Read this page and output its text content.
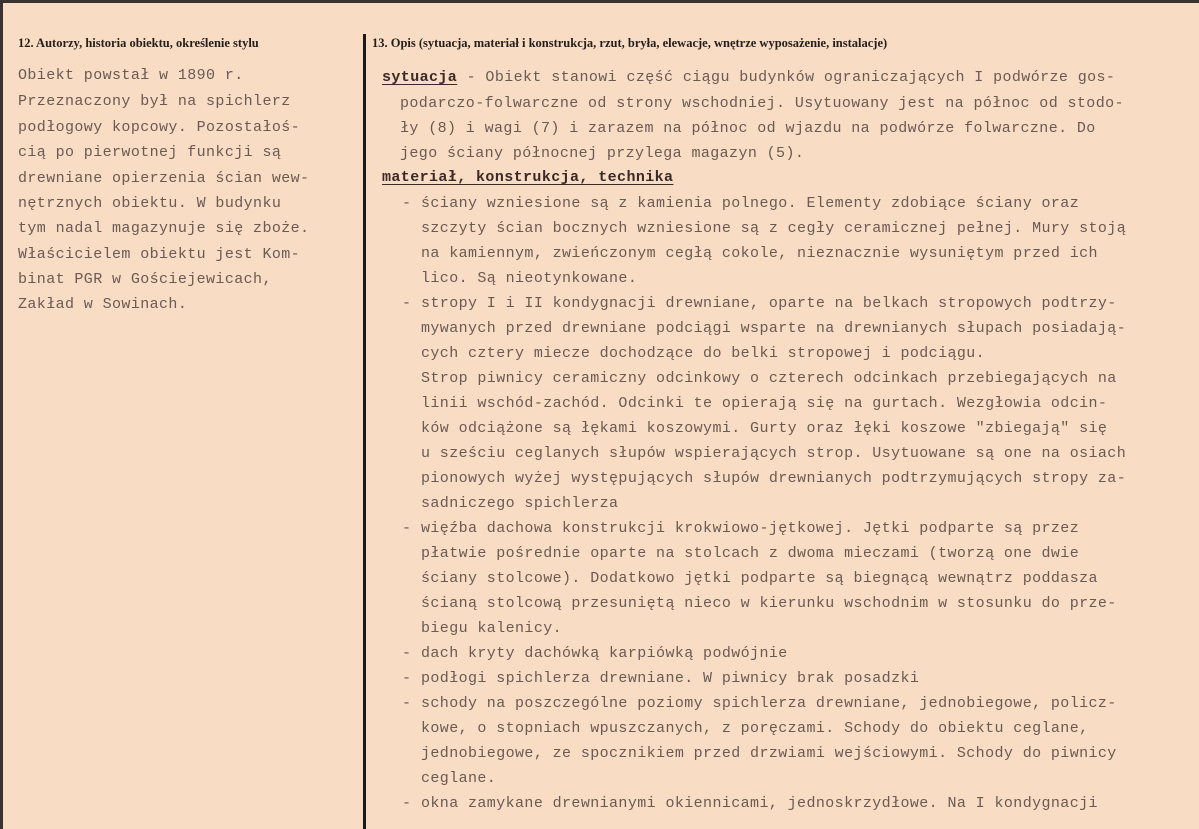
12. Autorzy, historia obiektu, określenie stylu	13. Opis (sytuacja, materiał i konstrukcja, rzut, bryła, elewacje, wnętrze wyposażenie, instalacje)
Obiekt powstał w 1890 r.
Przeznaczony był na spichlerz
podłogowy kopcowy. Pozostałoś-
cią po pierwotnej funkcji są
drewniane opierzenia ścian wew-
nętrznych obiektu. W budynku
tym nadal magazynuje się zboże.
Właścicielem obiektu jest Kom-
binat PGR w Gościejewicach,
Zakład w Sowinach.
sytuacja - Obiekt stanowi część ciągu budynków ograniczających I podwórze gos-
podarczo-folwarczne od strony wschodniej. Usytuowany jest na północ od stodo-
ły (8) i wagi (7) i zarazem na północ od wjazdu na podwórze folwarczne. Do
jego ściany północnej przylega magazyn (5).
materiał, konstrukcja, technika
- ściany wzniesione są z kamienia polnego. Elementy zdobiące ściany oraz
szczyty ścian bocznych wzniesione są z cegły ceramicznej pełnej. Mury stoją
na kamiennym, zwieńczonym cegłą cokole, nieznacznie wysuniętym przed ich
lico. Są nieotynkowane.
- stropy I i II kondygnacji drewniane, oparte na belkach stropowych podtrzy-
mywanych przed drewniane podciągi wsparte na drewnianych słupach posiadają-
cych cztery miecze dochodzące do belki stropowej i podciągu.
Strop piwnicy ceramiczny odcinkowy o czterech odcinkach przebiegających na
linii wschód-zachód. Odcinki te opierają się na gurtach. Wezgłowia odcin-
ków odciążone są łękami koszowymi. Gurty oraz łęki koszowe "zbiegają" się
u sześciu ceglanych słupów wspierających strop. Usytuowane są one na osiach
pionowych wyżej występujących słupów drewnianych podtrzymujących stropy za-
sadniczego spichlerza
- więźba dachowa konstrukcji krokwiowo-jętkowej. Jętki podparte są przez
płatwie pośrednie oparte na stolcach z dwoma mieczami (tworzą one dwie
ściany stolcowe). Dodatkowo jętki podparte są biegnącą wewnątrz poddasza
ścianą stolcową przesuniętą nieco w kierunku wschodnim w stosunku do prze-
biegu kalenicy.
- dach kryty dachówką karpiówką podwójnie
- podłogi spichlerza drewniane. W piwnicy brak posadzki
- schody na poszczególne poziomy spichlerza drewniane, jednobiegowe, policz-
kowe, o stopniach wpuszczanych, z poręczami. Schody do obiektu ceglane,
jednobiegowe, ze spocznikiem przed drzwiami wejściowymi. Schody do piwnicy
ceglane.
- okna zamykane drewnianymi okiennicami, jednoskrzydłowe. Na I kondygnacji
